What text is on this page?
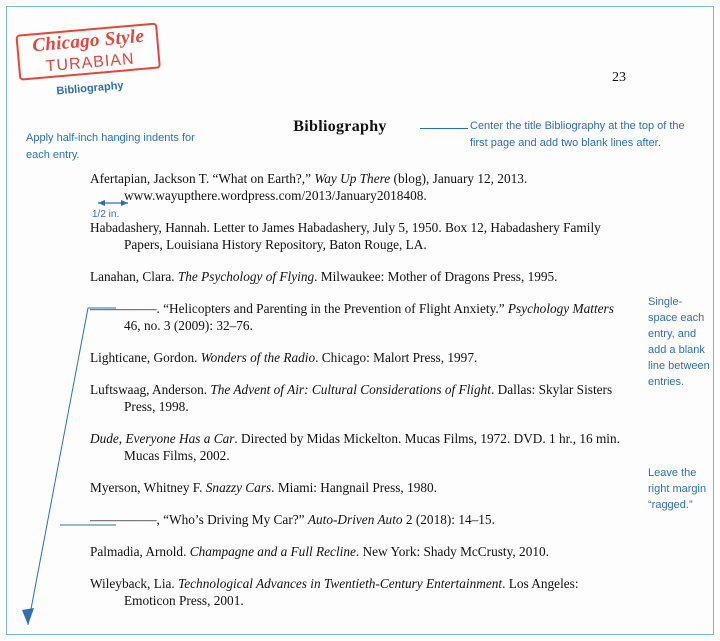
Chicago Style
TURABIAN
Bibliography
23
Bibliography
Apply half-inch hanging indents for each entry.
Center the title Bibliography at the top of the first page and add two blank lines after.
1/2 in.
Single-space each entry, and add a blank line between entries.
Leave the right margin “ragged.”
Afertapian, Jackson T. “What on Earth?,” Way Up There (blog), January 12, 2013. www.wayupthere.wordpress.com/2013/January2018408.
Habadashery, Hannah. Letter to James Habadashery, July 5, 1950. Box 12, Habadashery Family Papers, Louisiana History Repository, Baton Rouge, LA.
Lanahan, Clara. The Psychology of Flying. Milwaukee: Mother of Dragons Press, 1995.
—————. “Helicopters and Parenting in the Prevention of Flight Anxiety.” Psychology Matters 46, no. 3 (2009): 32–76.
Lighticane, Gordon. Wonders of the Radio. Chicago: Malort Press, 1997.
Luftswaag, Anderson. The Advent of Air: Cultural Considerations of Flight. Dallas: Skylar Sisters Press, 1998.
Dude, Everyone Has a Car. Directed by Midas Mickelton. Mucas Films, 1972. DVD. 1 hr., 16 min. Mucas Films, 2002.
Myerson, Whitney F. Snazzy Cars. Miami: Hangnail Press, 1980.
—————, “Who’s Driving My Car?” Auto-Driven Auto 2 (2018): 14–15.
Palmadia, Arnold. Champagne and a Full Recline. New York: Shady McCrusty, 2010.
Wileyback, Lia. Technological Advances in Twentieth-Century Entertainment. Los Angeles: Emoticon Press, 2001.
